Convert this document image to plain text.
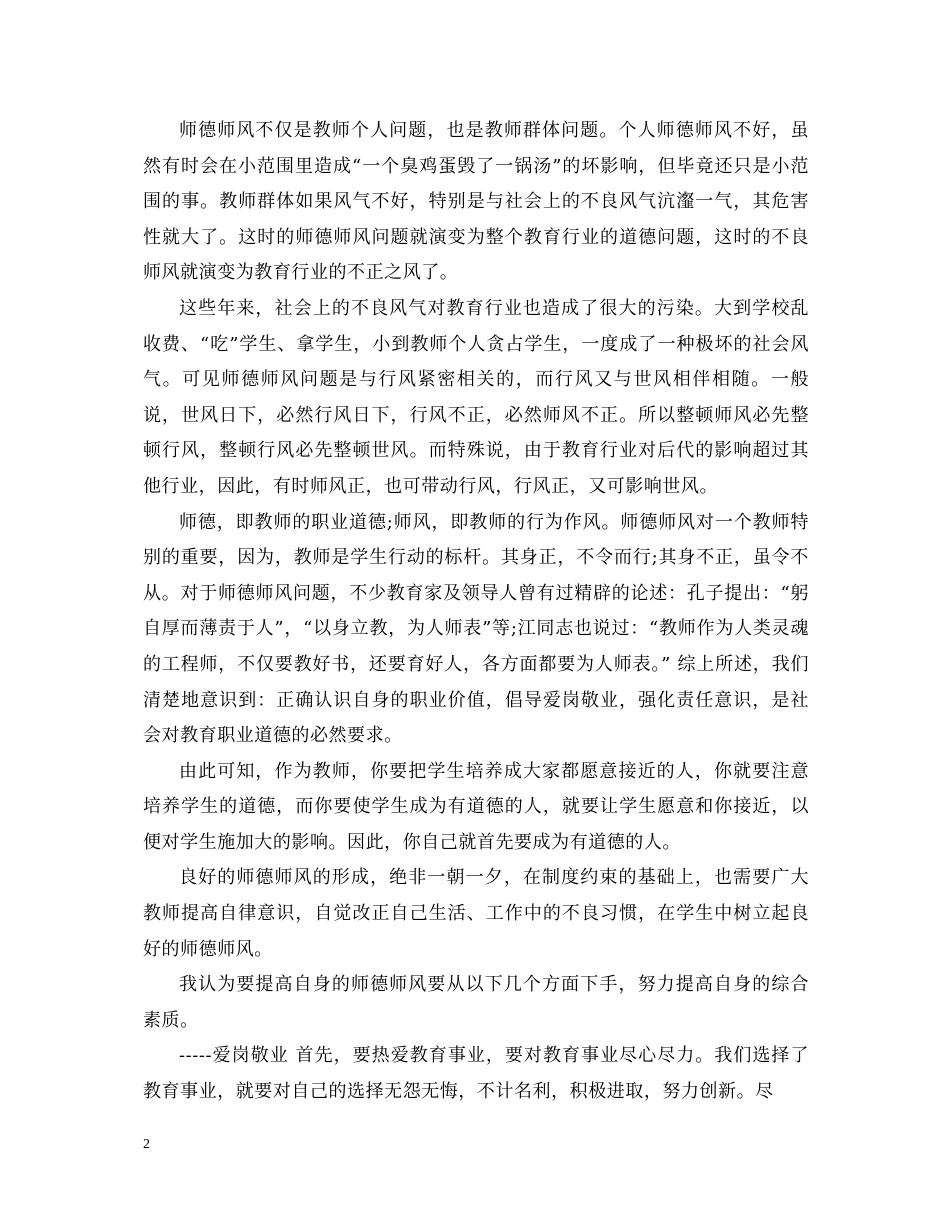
师德师风不仅是教师个人问题，也是教师群体问题。个人师德师风不好，虽然有时会在小范围里造成“一个臭鸡蛋毁了一锅汤”的坏影响，但毕竟还只是小范围的事。教师群体如果风气不好，特别是与社会上的不良风气沆瀣一气，其危害性就大了。这时的师德师风问题就演变为整个教育行业的道德问题，这时的不良师风就演变为教育行业的不正之风了。

这些年来，社会上的不良风气对教育行业也造成了很大的污染。大到学校乱收费、“吃”学生、拿学生，小到教师个人贪占学生，一度成了一种极坏的社会风气。可见师德师风问题是与行风紧密相关的，而行风又与世风相伴相随。一般说，世风日下，必然行风日下，行风不正，必然师风不正。所以整顿师风必先整顿行风，整顿行风必先整顿世风。而特殊说，由于教育行业对后代的影响超过其他行业，因此，有时师风正，也可带动行风，行风正，又可影响世风。

师德，即教师的职业道德;师风，即教师的行为作风。师德师风对一个教师特别的重要，因为，教师是学生行动的标杆。其身正，不令而行;其身不正，虽令不从。对于师德师风问题，不少教育家及领导人曾有过精辟的论述：孔子提出：“躬自厚而薄责于人”，“以身立教，为人师表”等;江同志也说过：“教师作为人类灵魂的工程师，不仅要教好书，还要育好人，各方面都要为人师表。” 综上所述，我们清楚地意识到：正确认识自身的职业价值，倡导爱岗敬业，强化责任意识，是社会对教育职业道德的必然要求。

由此可知，作为教师，你要把学生培养成大家都愿意接近的人，你就要注意培养学生的道德，而你要使学生成为有道德的人，就要让学生愿意和你接近，以便对学生施加大的影响。因此，你自己就首先要成为有道德的人。

良好的师德师风的形成，绝非一朝一夕，在制度约束的基础上，也需要广大教师提高自律意识，自觉改正自己生活、工作中的不良习惯，在学生中树立起良好的师德师风。

我认为要提高自身的师德师风要从以下几个方面下手，努力提高自身的综合素质。

-----爱岗敬业 首先，要热爱教育事业，要对教育事业尽心尽力。我们选择了教育事业，就要对自己的选择无怨无悔，不计名利，积极进取，努力创新。尽

2
